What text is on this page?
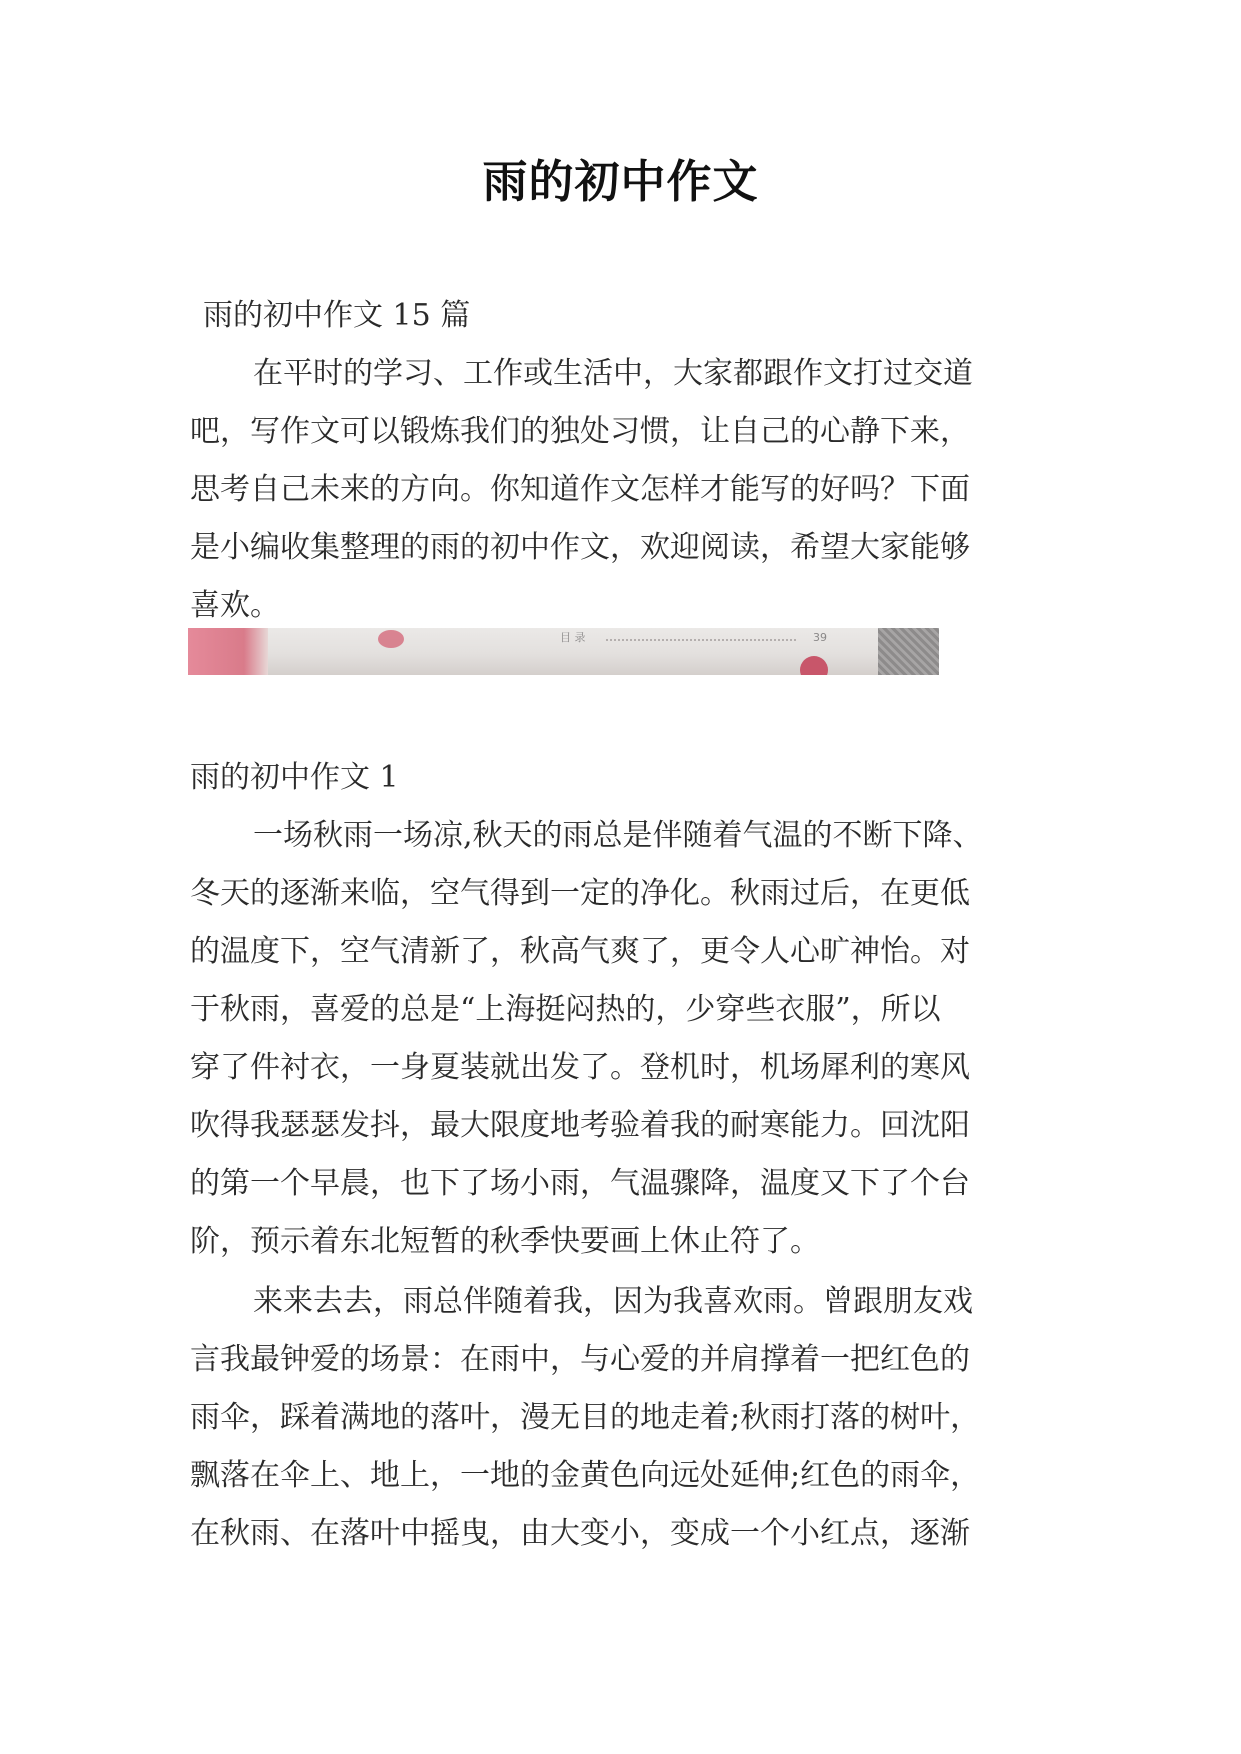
雨的初中作文
雨的初中作文 15 篇
在平时的学习、工作或生活中，大家都跟作文打过交道
吧，写作文可以锻炼我们的独处习惯，让自己的心静下来，
思考自己未来的方向。你知道作文怎样才能写的好吗？下面
是小编收集整理的雨的初中作文，欢迎阅读，希望大家能够
喜欢。
目 录	39
雨的初中作文 1
一场秋雨一场凉,秋天的雨总是伴随着气温的不断下降、
冬天的逐渐来临，空气得到一定的净化。秋雨过后，在更低
的温度下，空气清新了，秋高气爽了，更令人心旷神怡。对
于秋雨，喜爱的总是“上海挺闷热的，少穿些衣服”，所以
穿了件衬衣，一身夏装就出发了。登机时，机场犀利的寒风
吹得我瑟瑟发抖，最大限度地考验着我的耐寒能力。回沈阳
的第一个早晨，也下了场小雨，气温骤降，温度又下了个台
阶，预示着东北短暂的秋季快要画上休止符了。
来来去去，雨总伴随着我，因为我喜欢雨。曾跟朋友戏
言我最钟爱的场景：在雨中，与心爱的并肩撑着一把红色的
雨伞，踩着满地的落叶，漫无目的地走着;秋雨打落的树叶，
飘落在伞上、地上，一地的金黄色向远处延伸;红色的雨伞，
在秋雨、在落叶中摇曳，由大变小，变成一个小红点，逐渐
